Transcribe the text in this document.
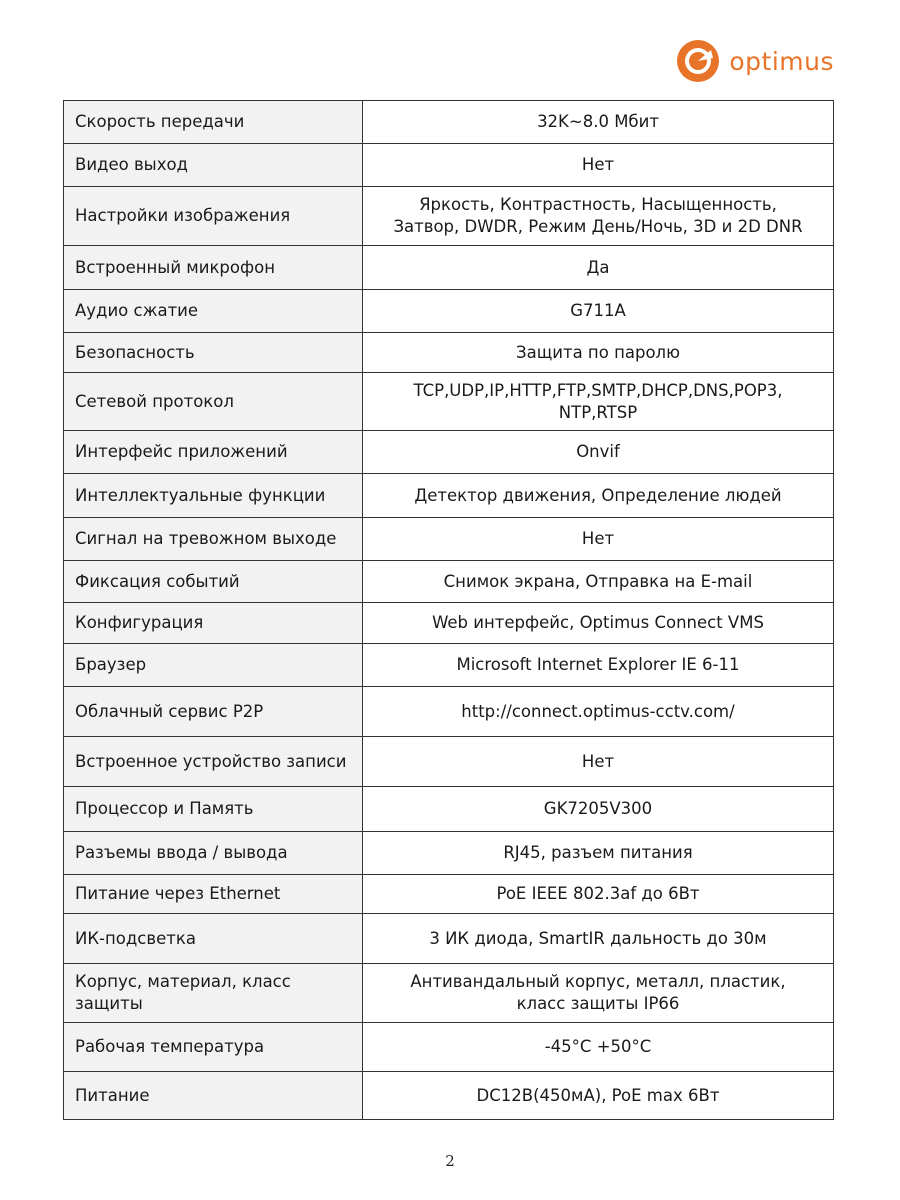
optimus
Скорость передачи	32K~8.0 Мбит
Видео выход	Нет
Настройки изображения	Яркость, Контрастность, Насыщенность, Затвор, DWDR, Режим День/Ночь, 3D и 2D DNR
Встроенный микрофон	Да
Аудио сжатие	G711A
Безопасность	Защита по паролю
Сетевой протокол	TCP,UDP,IP,HTTP,FTP,SMTP,DHCP,DNS,POP3, NTP,RTSP
Интерфейс приложений	Onvif
Интеллектуальные функции	Детектор движения, Определение людей
Сигнал на тревожном выходе	Нет
Фиксация событий	Снимок экрана, Отправка на E-mail
Конфигурация	Web интерфейс, Optimus Connect VMS
Браузер	Microsoft Internet Explorer IE 6-11
Облачный сервис P2P	http://connect.optimus-cctv.com/
Встроенное устройство записи	Нет
Процессор и Память	GK7205V300
Разъемы ввода / вывода	RJ45, разъем питания
Питание через Ethernet	PoE IEEE 802.3af до 6Вт
ИК-подсветка	3 ИК диода, SmartIR дальность до 30м
Корпус, материал, класс защиты	Антивандальный корпус, металл, пластик, класс защиты IP66
Рабочая температура	-45°C +50°C
Питание	DC12В(450мА), PoE max 6Вт
2
